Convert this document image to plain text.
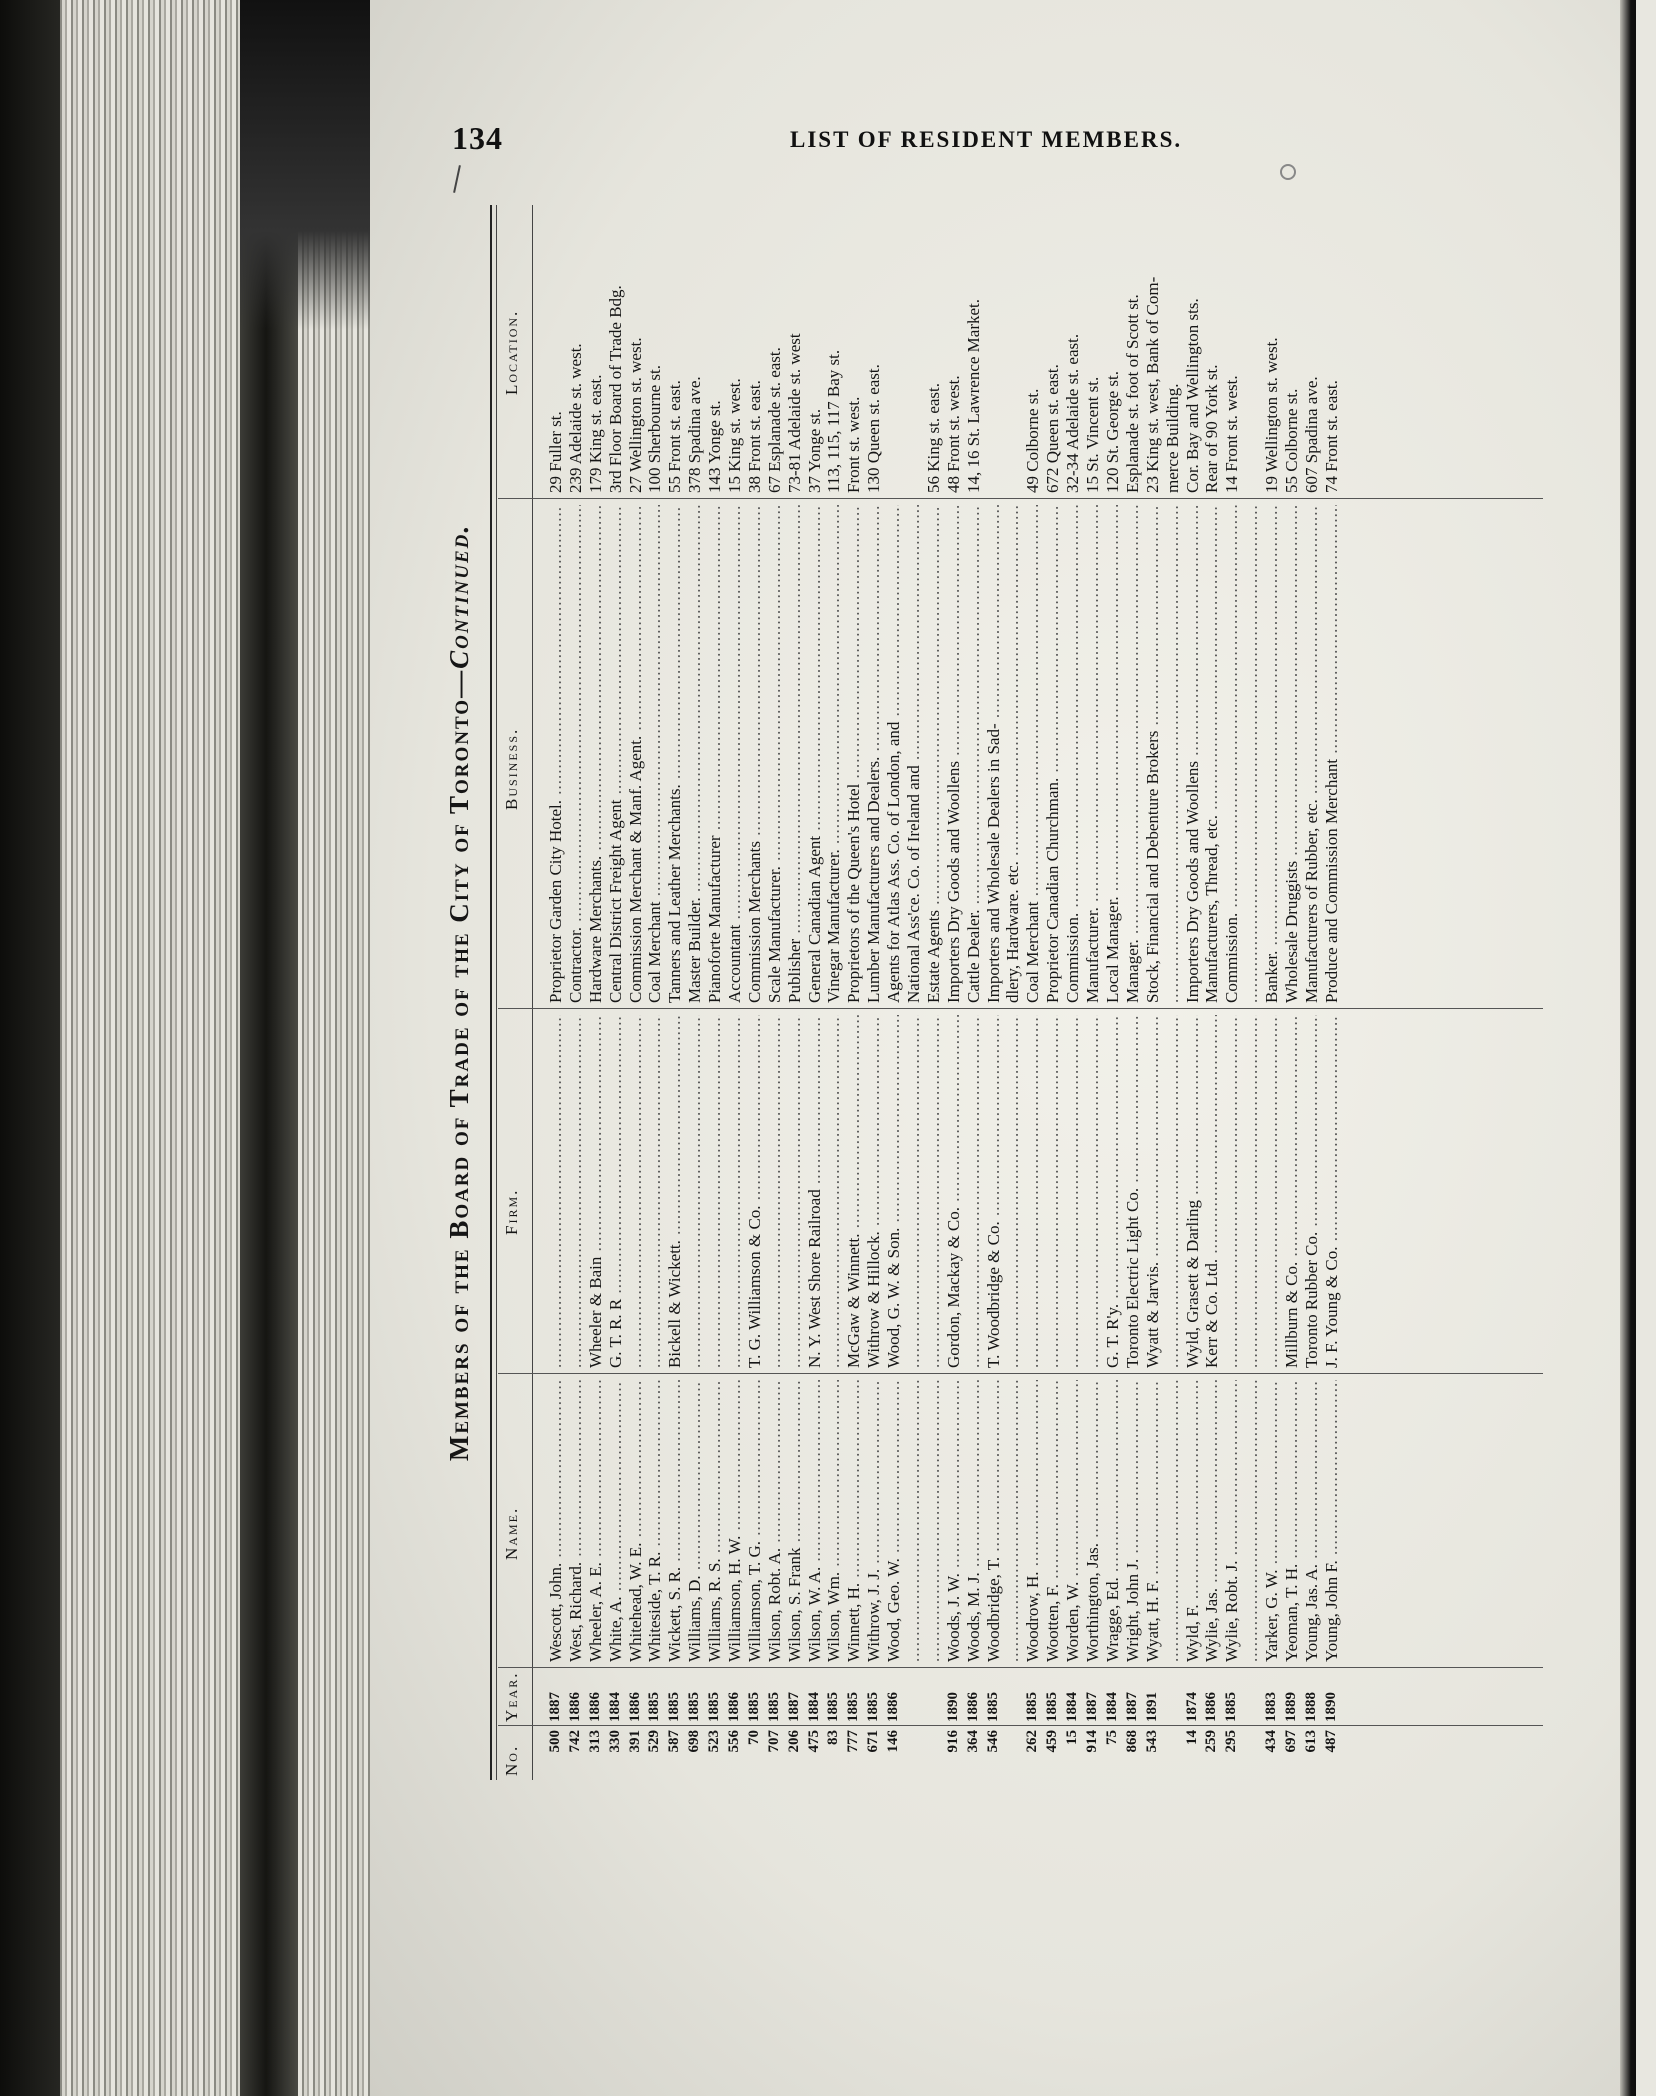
134	LIST OF RESIDENT MEMBERS.
Members of the Board of Trade of the City of Toronto—Continued.
No.
Year.
Name.
Firm.
Business.
Location.
500
1887
Wescott, John. .....
.....
Proprietor Garden City Hotel. .....
29 Fuller st.
742
1886
West, Richard. .....
.....
Contractor. .....
239 Adelaide st. west.
313
1886
Wheeler, A. E. .....
Wheeler & Bain .....
Hardware Merchants. .....
179 King st. east.
330
1884
White, A. .....
G. T. R. R .....
Central District Freight Agent .....
3rd Floor Board of Trade Bdg.
391
1886
Whitehead, W. E. .....
.....
Commission Merchant & Manf. Agent. .....
27 Wellington st. west.
529
1885
Whiteside, T. R. .....
.....
Coal Merchant .....
100 Sherbourne st.
587
1885
Wickett, S. R. .....
Bickell & Wickett. .....
Tanners and Leather Merchants. .....
55 Front st. east.
698
1885
Williams, D. .....
.....
Master Builder. .....
378 Spadina ave.
523
1885
Williams, R. S. .....
.....
Pianoforte Manufacturer .....
143 Yonge st.
556
1886
Williamson, H. W. .....
.....
Accountant .....
15 King st. west.
70
1885
Williamson, T. G. .....
T. G. Williamson & Co. .....
Commission Merchants .....
38 Front st. east.
707
1885
Wilson, Robt. A. .....
.....
Scale Manufacturer. .....
67 Esplanade st. east.
206
1887
Wilson, S. Frank .....
.....
Publisher .....
73-81 Adelaide st. west
475
1884
Wilson, W. A. .....
N. Y. West Shore Railroad .....
General Canadian Agent .....
37 Yonge st.
83
1885
Wilson, Wm. .....
.....
Vinegar Manufacturer. .....
113, 115, 117 Bay st.
777
1885
Winnett, H. .....
McGaw & Winnett. .....
Proprietors of the Queen's Hotel .....
Front st. west.
671
1885
Withrow, J. J. .....
Withrow & Hillock. .....
Lumber Manufacturers and Dealers. .....
130 Queen st. east.
146
1886
Wood, Geo. W. .....
Wood, G. W. & Son. .....
Agents for Atlas Ass. Co. of London, and .....
.....
..... National Ass'ce. Co. of Ireland and .....
.....
..... Estate Agents .....
56 King st. east.
916
1890
Woods, J. W. .....
Gordon, Mackay & Co. .....
Importers Dry Goods and Woollens .....
48 Front st. west.
364
1886
Woods, M. J. .....
.....
Cattle Dealer. .....
14, 16 St. Lawrence Market.
546
1885
Woodbridge, T. .....
T. Woodbridge & Co. .....
Importers and Wholesale Dealers in Sad- .....
.....
..... dlery, Hardware. etc. .....
262
1885
Woodrow, H. .....
.....
Coal Merchant .....
49 Colborne st.
459
1885
Wootten, F. .....
.....
Proprietor Canadian Churchman. .....
672 Queen st. east.
15
1884
Worden, W. .....
.....
Commission. .....
32-34 Adelaide st. east.
914
1887
Worthington, Jas. .....
.....
Manufacturer. .....
15 St. Vincent st.
75
1884
Wragge, Ed. .....
G. T. R'y. .....
Local Manager. .....
120 St. George st.
868
1887
Wright, John J. .....
Toronto Electric Light Co. .....
Manager. .....
Esplanade st. foot of Scott st.
543
1891
Wyatt, H. F. .....
Wyatt & Jarvis. .....
Stock, Financial and Debenture Brokers .....
23 King st. west, Bank of Com-
.....
.....
..... merce Building.
14
1874
Wyld, F. .....
Wyld, Grasett & Darling .....
Importers Dry Goods and Woollens .....
Cor. Bay and Wellington sts.
259
1886
Wylie, Jas. .....
Kerr & Co. Ltd. .....
Manufacturers, Thread, etc. .....
Rear of 90 York st.
295
1885
Wylie, Robt. J. .....
.....
Commission. .....
14 Front st. west.
.....
.....
.....
434
1883
Yarker, G. W. .....
.....
Banker. .....
19 Wellington st. west.
697
1889
Yeoman, T. H. .....
Millburn & Co. .....
Wholesale Druggists .....
55 Colborne st.
613
1888
Young, Jas. A. .....
Toronto Rubber Co. .....
Manufacturers of Rubber, etc. .....
607 Spadina ave.
487
1890
Young, John F. .....
J. F. Young & Co. .....
Produce and Commission Merchant .....
74 Front st. east.
